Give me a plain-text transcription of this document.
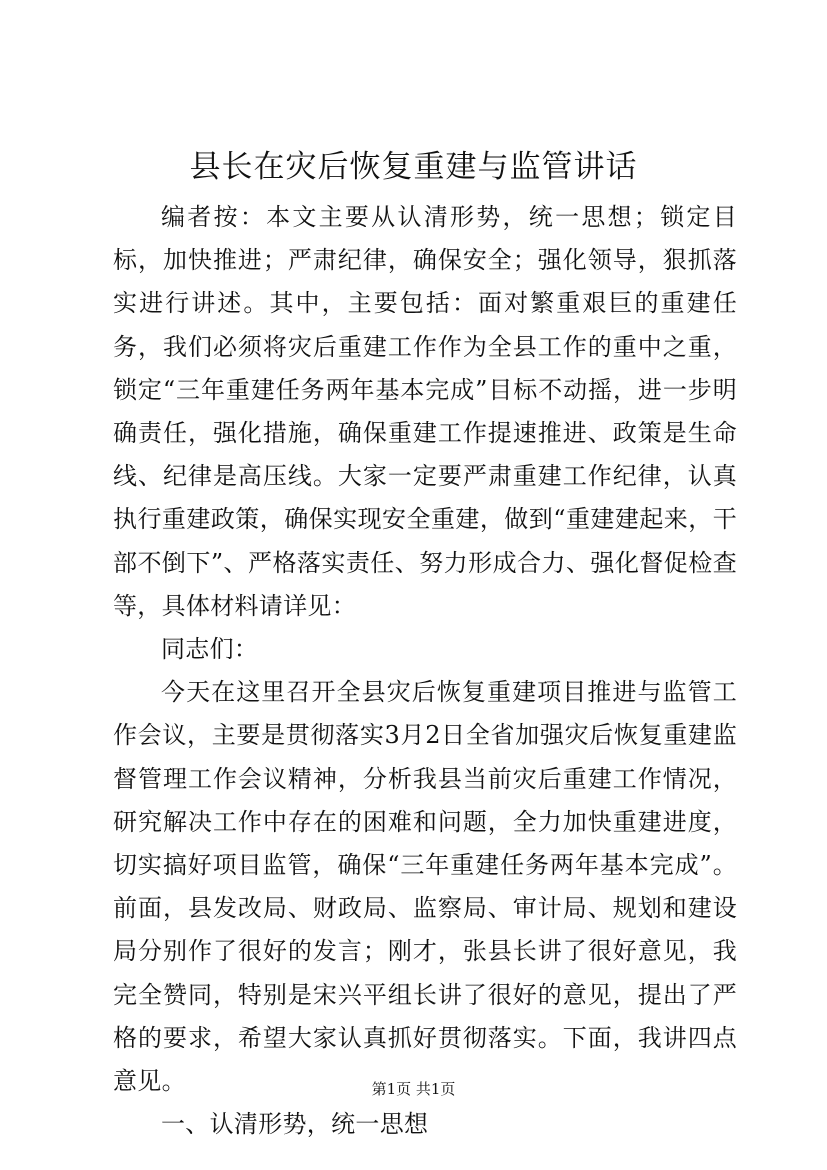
县长在灾后恢复重建与监管讲话

编者按：本文主要从认清形势，统一思想；锁定目标，加快推进；严肃纪律，确保安全；强化领导，狠抓落实进行讲述。其中，主要包括：面对繁重艰巨的重建任务，我们必须将灾后重建工作作为全县工作的重中之重，锁定“三年重建任务两年基本完成”目标不动摇，进一步明确责任，强化措施，确保重建工作提速推进、政策是生命线、纪律是高压线。大家一定要严肃重建工作纪律，认真执行重建政策，确保实现安全重建，做到“重建建起来，干部不倒下”、严格落实责任、努力形成合力、强化督促检查等，具体材料请详见：

同志们：

今天在这里召开全县灾后恢复重建项目推进与监管工作会议，主要是贯彻落实3月2日全省加强灾后恢复重建监督管理工作会议精神，分析我县当前灾后重建工作情况，研究解决工作中存在的困难和问题，全力加快重建进度，切实搞好项目监管，确保“三年重建任务两年基本完成”。前面，县发改局、财政局、监察局、审计局、规划和建设局分别作了很好的发言；刚才，张县长讲了很好意见，我完全赞同，特别是宋兴平组长讲了很好的意见，提出了严格的要求，希望大家认真抓好贯彻落实。下面，我讲四点意见。

一、认清形势，统一思想

第1页 共1页
